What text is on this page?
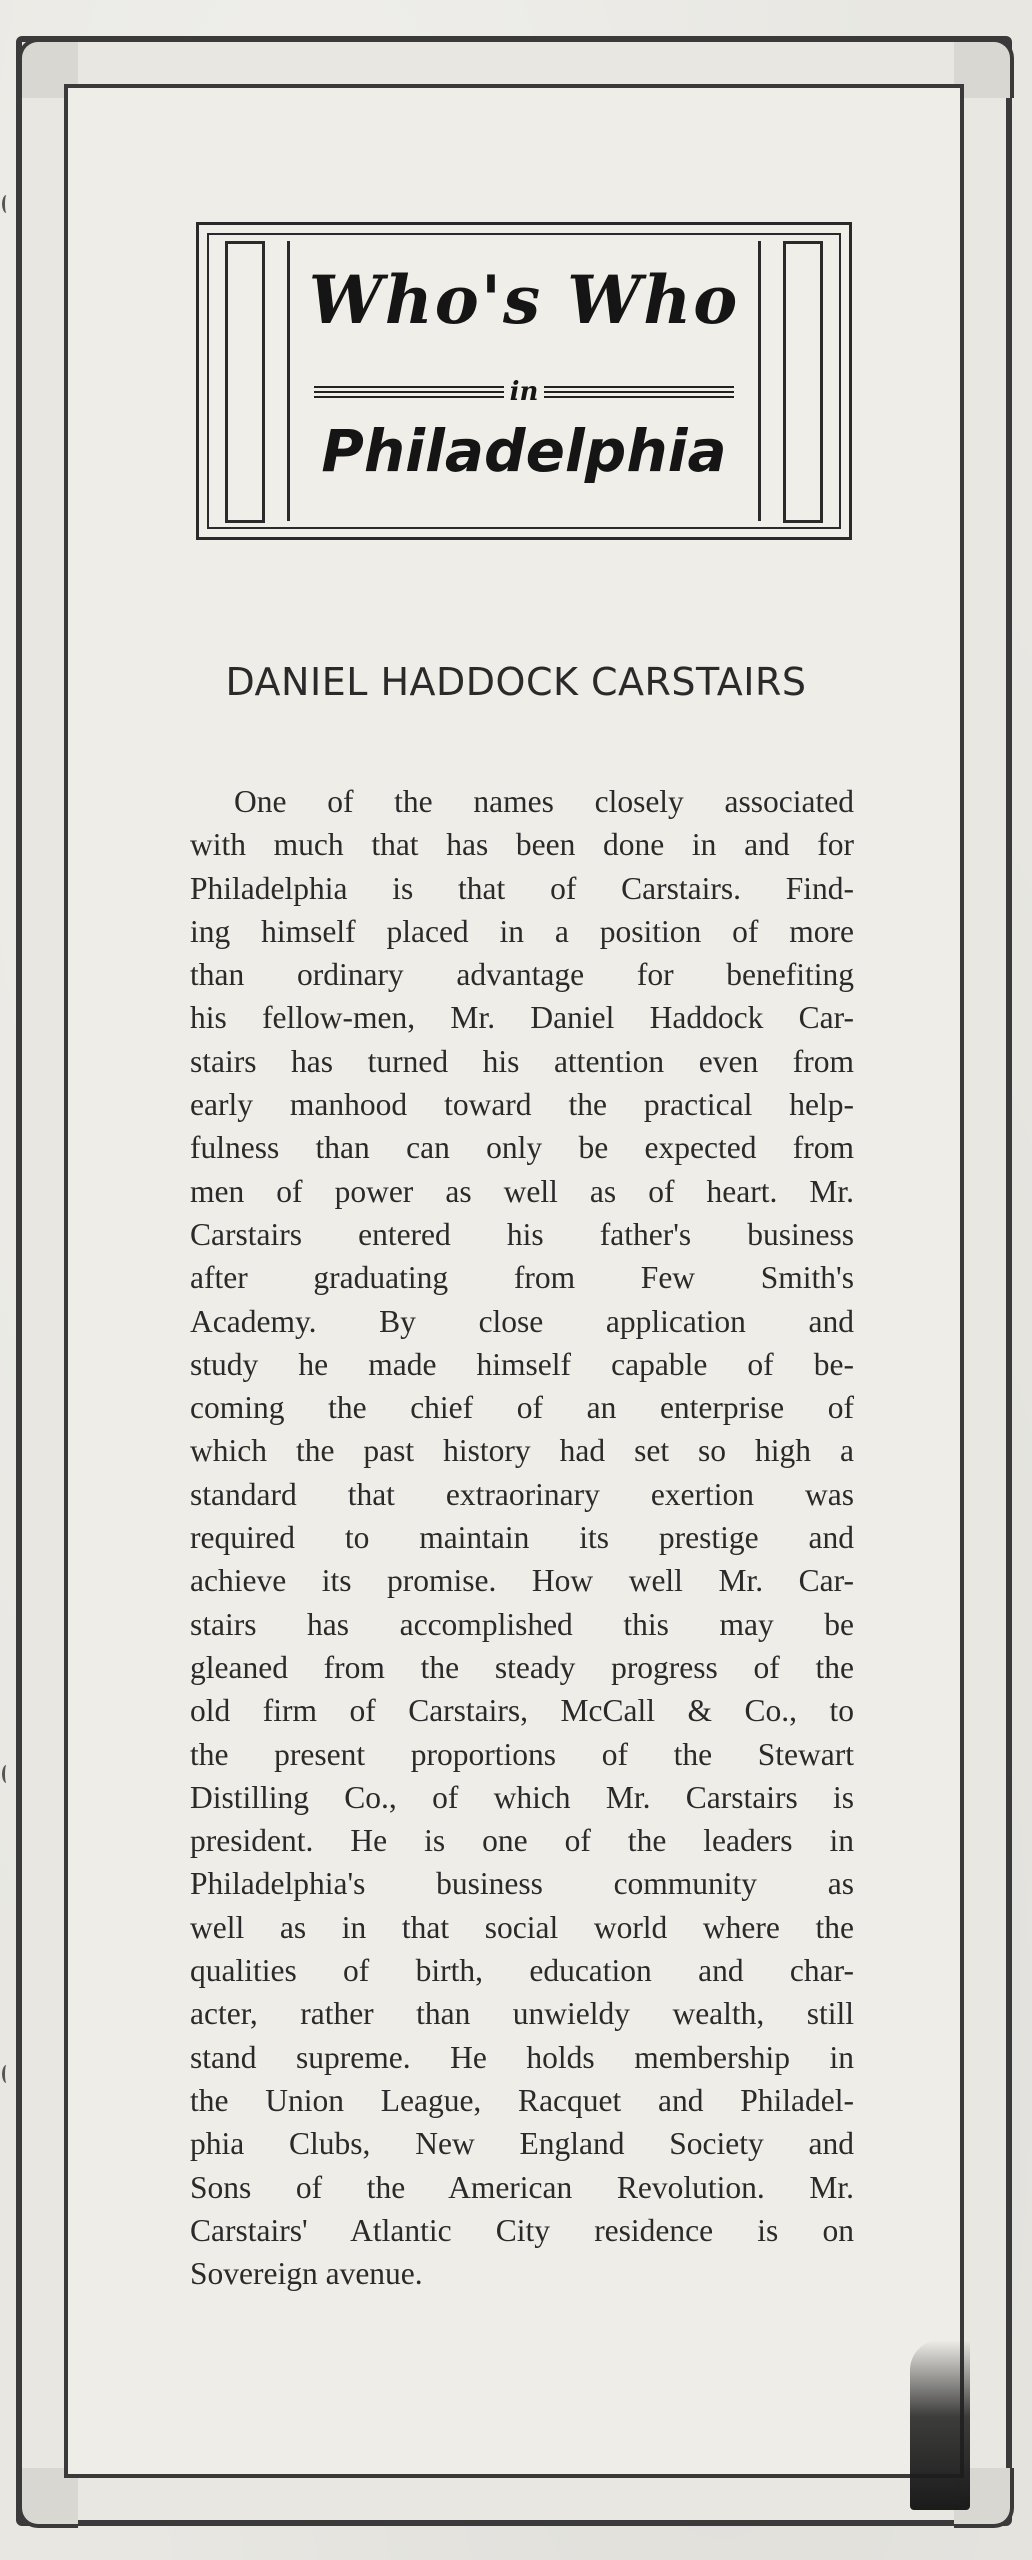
Who's Who
in
Philadelphia
DANIEL HADDOCK CARSTAIRS
One of the names closely associated
with much that has been done in and for
Philadelphia is that of Carstairs. Find-
ing himself placed in a position of more
than ordinary advantage for benefiting
his fellow-men, Mr. Daniel Haddock Car-
stairs has turned his attention even from
early manhood toward the practical help-
fulness than can only be expected from
men of power as well as of heart. Mr.
Carstairs entered his father's business
after graduating from Few Smith's
Academy. By close application and
study he made himself capable of be-
coming the chief of an enterprise of
which the past history had set so high a
standard that extraorinary exertion was
required to maintain its prestige and
achieve its promise. How well Mr. Car-
stairs has accomplished this may be
gleaned from the steady progress of the
old firm of Carstairs, McCall & Co., to
the present proportions of the Stewart
Distilling Co., of which Mr. Carstairs is
president. He is one of the leaders in
Philadelphia's business community as
well as in that social world where the
qualities of birth, education and char-
acter, rather than unwieldy wealth, still
stand supreme. He holds membership in
the Union League, Racquet and Philadel-
phia Clubs, New England Society and
Sons of the American Revolution. Mr.
Carstairs' Atlantic City residence is on
Sovereign avenue.
